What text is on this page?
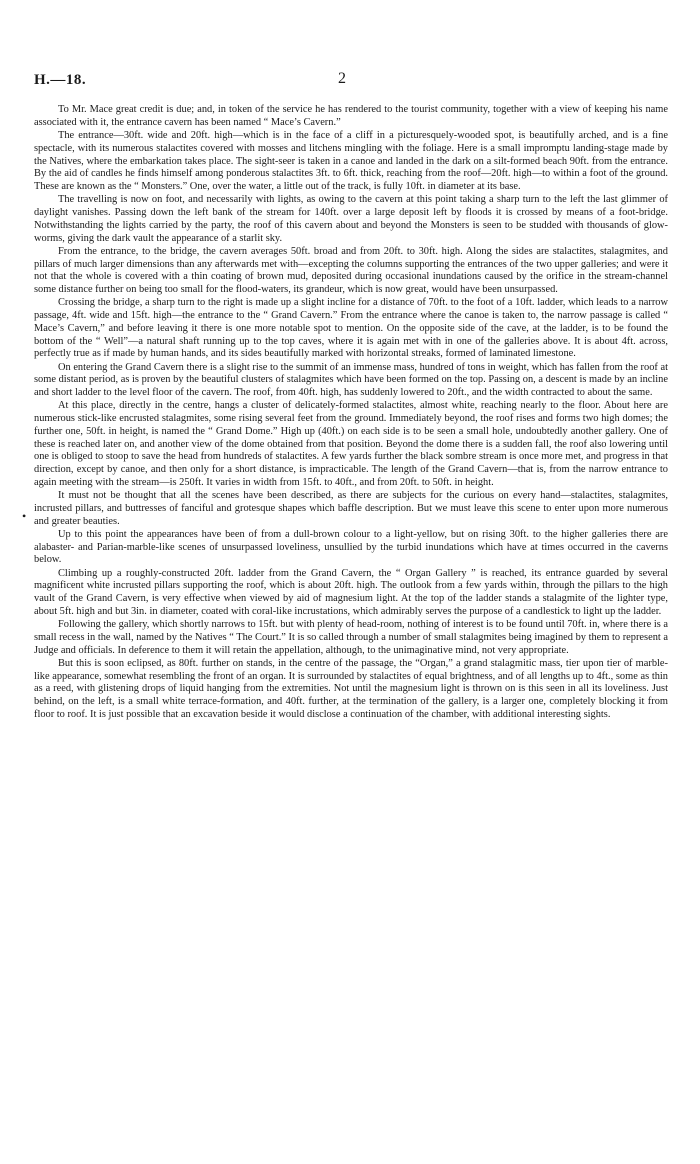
H.—18.	2
•

To Mr. Mace great credit is due; and, in token of the service he has rendered to the tourist community, together with a view of keeping his name associated with it, the entrance cavern has been named “ Mace’s Cavern.”

The entrance—30ft. wide and 20ft. high—which is in the face of a cliff in a picturesquely-wooded spot, is beautifully arched, and is a fine spectacle, with its numerous stalactites covered with mosses and litchens mingling with the foliage. Here is a small impromptu landing-stage made by the Natives, where the embarkation takes place. The sight-seer is taken in a canoe and landed in the dark on a silt-formed beach 90ft. from the entrance. By the aid of candles he finds himself among ponderous stalactites 3ft. to 6ft. thick, reaching from the roof—20ft. high—to within a foot of the ground. These are known as the “ Monsters.” One, over the water, a little out of the track, is fully 10ft. in diameter at its base.

The travelling is now on foot, and necessarily with lights, as owing to the cavern at this point taking a sharp turn to the left the last glimmer of daylight vanishes. Passing down the left bank of the stream for 140ft. over a large deposit left by floods it is crossed by means of a foot-bridge. Notwithstanding the lights carried by the party, the roof of this cavern about and beyond the Monsters is seen to be studded with thousands of glow-worms, giving the dark vault the appearance of a starlit sky.

From the entrance, to the bridge, the cavern averages 50ft. broad and from 20ft. to 30ft. high. Along the sides are stalactites, stalagmites, and pillars of much larger dimensions than any afterwards met with—excepting the columns supporting the entrances of the two upper galleries; and were it not that the whole is covered with a thin coating of brown mud, deposited during occasional inundations caused by the orifice in the stream-channel some distance further on being too small for the flood-waters, its grandeur, which is now great, would have been unsurpassed.

Crossing the bridge, a sharp turn to the right is made up a slight incline for a distance of 70ft. to the foot of a 10ft. ladder, which leads to a narrow passage, 4ft. wide and 15ft. high—the entrance to the “ Grand Cavern.” From the entrance where the canoe is taken to, the narrow passage is called “ Mace’s Cavern,” and before leaving it there is one more notable spot to mention. On the opposite side of the cave, at the ladder, is to be found the bottom of the “ Well”—a natural shaft running up to the top caves, where it is again met with in one of the galleries above. It is about 4ft. across, perfectly true as if made by human hands, and its sides beautifully marked with horizontal streaks, formed of laminated limestone.

On entering the Grand Cavern there is a slight rise to the summit of an immense mass, hundred of tons in weight, which has fallen from the roof at some distant period, as is proven by the beautiful clusters of stalagmites which have been formed on the top. Passing on, a descent is made by an incline and short ladder to the level floor of the cavern. The roof, from 40ft. high, has suddenly lowered to 20ft., and the width contracted to about the same.

At this place, directly in the centre, hangs a cluster of delicately-formed stalactites, almost white, reaching nearly to the floor. About here are numerous stick-like encrusted stalagmites, some rising several feet from the ground. Immediately beyond, the roof rises and forms two high domes; the further one, 50ft. in height, is named the “ Grand Dome.” High up (40ft.) on each side is to be seen a small hole, undoubtedly another gallery. One of these is reached later on, and another view of the dome obtained from that position. Beyond the dome there is a sudden fall, the roof also lowering until one is obliged to stoop to save the head from hundreds of stalactites. A few yards further the black sombre stream is once more met, and progress in that direction, except by canoe, and then only for a short distance, is impracticable. The length of the Grand Cavern—that is, from the narrow entrance to again meeting with the stream—is 250ft. It varies in width from 15ft. to 40ft., and from 20ft. to 50ft. in height.

It must not be thought that all the scenes have been described, as there are subjects for the curious on every hand—stalactites, stalagmites, incrusted pillars, and buttresses of fanciful and grotesque shapes which baffle description. But we must leave this scene to enter upon more numerous and greater beauties.

Up to this point the appearances have been of from a dull-brown colour to a light-yellow, but on rising 30ft. to the higher galleries there are alabaster- and Parian-marble-like scenes of unsurpassed loveliness, unsullied by the turbid inundations which have at times occurred in the caverns below.

Climbing up a roughly-constructed 20ft. ladder from the Grand Cavern, the “ Organ Gallery ” is reached, its entrance guarded by several magnificent white incrusted pillars supporting the roof, which is about 20ft. high. The outlook from a few yards within, through the pillars to the high vault of the Grand Cavern, is very effective when viewed by aid of magnesium light. At the top of the ladder stands a stalagmite of the lighter type, about 5ft. high and but 3in. in diameter, coated with coral-like incrustations, which admirably serves the purpose of a candlestick to light up the ladder.

Following the gallery, which shortly narrows to 15ft. but with plenty of head-room, nothing of interest is to be found until 70ft. in, where there is a small recess in the wall, named by the Natives “ The Court.” It is so called through a number of small stalagmites being imagined by them to represent a Judge and officials. In deference to them it will retain the appellation, although, to the unimaginative mind, not very appropriate.

But this is soon eclipsed, as 80ft. further on stands, in the centre of the passage, the “Organ,” a grand stalagmitic mass, tier upon tier of marble-like appearance, somewhat resembling the front of an organ. It is surrounded by stalactites of equal brightness, and of all lengths up to 4ft., some as thin as a reed, with glistening drops of liquid hanging from the extremities. Not until the magnesium light is thrown on is this seen in all its loveliness. Just behind, on the left, is a small white terrace-formation, and 40ft. further, at the termination of the gallery, is a larger one, completely blocking it from floor to roof. It is just possible that an excavation beside it would disclose a continuation of the chamber, with additional interesting sights.
